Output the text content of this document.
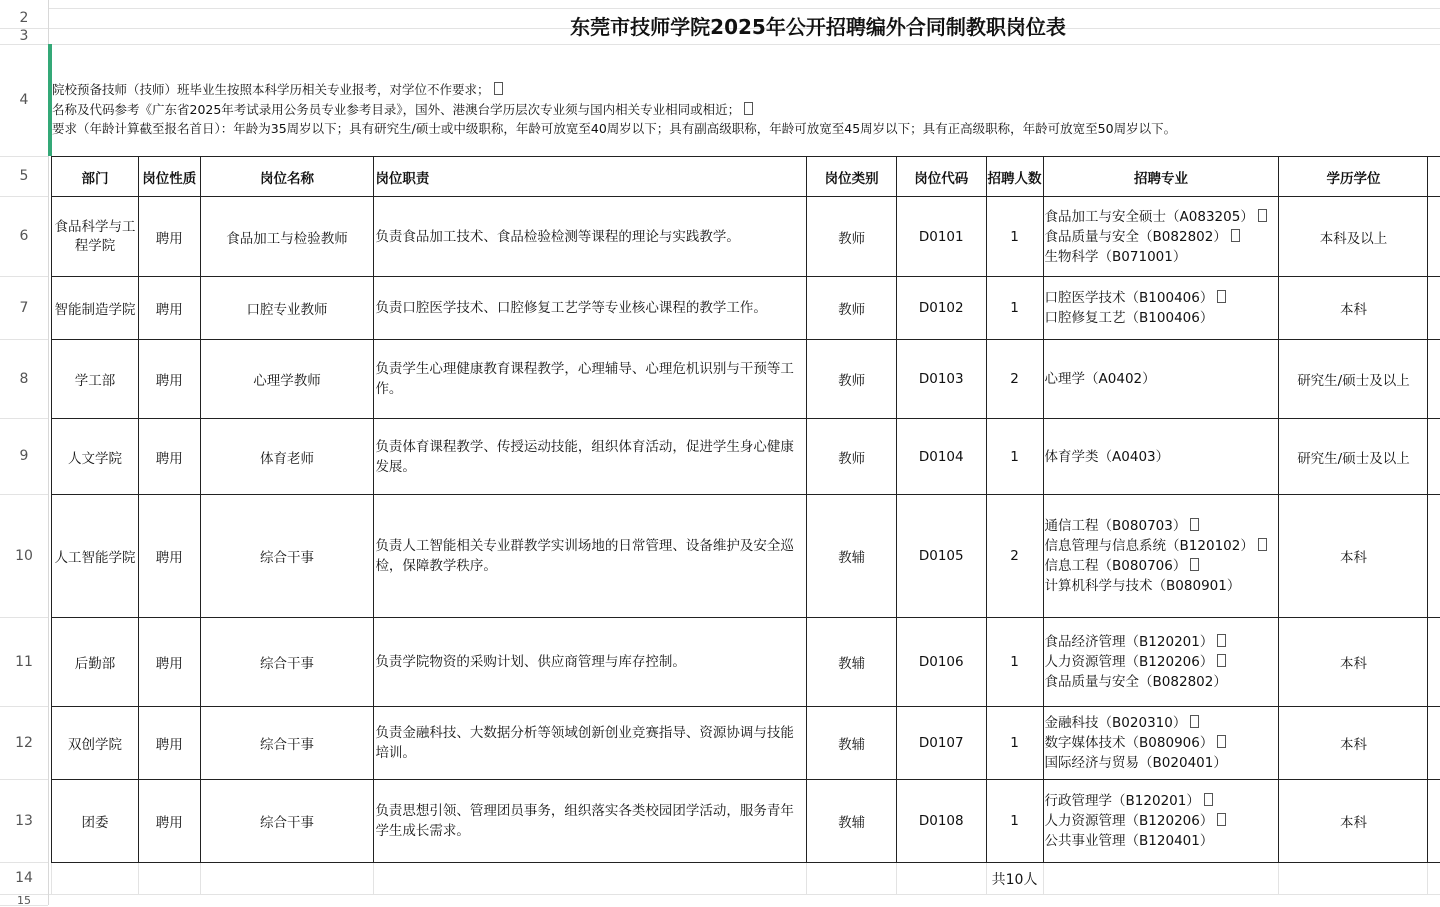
2
3
4
5
6
7
8
9
10
11
12
13
14
15
东莞市技师学院2025年公开招聘编外合同制教职岗位表
院校预备技师（技师）班毕业生按照本科学历相关专业报考，对学位不作要求；
名称及代码参考《广东省2025年考试录用公务员专业参考目录》，国外、港澳台学历层次专业须与国内相关专业相同或相近；
要求（年龄计算截至报名首日）：年龄为35周岁以下；具有研究生/硕士或中级职称，年龄可放宽至40周岁以下；具有副高级职称，年龄可放宽至45周岁以下；具有正高级职称，年龄可放宽至50周岁以下。
部门	岗位性质	岗位名称	岗位职责	岗位类别	岗位代码	招聘人数	招聘专业	学历学位	
食品科学与工程学院	聘用	食品加工与检验教师	负责食品加工技术、食品检验检测等课程的理论与实践教学。	教师	D0101	1	食品加工与安全硕士（A083205）
食品质量与安全（B082802）
生物科学（B071001）	本科及以上	
智能制造学院	聘用	口腔专业教师	负责口腔医学技术、口腔修复工艺学等专业核心课程的教学工作。	教师	D0102	1	口腔医学技术（B100406）
口腔修复工艺（B100406）	本科	
学工部	聘用	心理学教师	负责学生心理健康教育课程教学，心理辅导、心理危机识别与干预等工作。	教师	D0103	2	心理学（A0402）	研究生/硕士及以上	
人文学院	聘用	体育老师	负责体育课程教学、传授运动技能，组织体育活动，促进学生身心健康发展。	教师	D0104	1	体育学类（A0403）	研究生/硕士及以上	
人工智能学院	聘用	综合干事	负责人工智能相关专业群教学实训场地的日常管理、设备维护及安全巡检，保障教学秩序。	教辅	D0105	2	通信工程（B080703）
信息管理与信息系统（B120102）
信息工程（B080706）
计算机科学与技术（B080901）	本科	
后勤部	聘用	综合干事	负责学院物资的采购计划、供应商管理与库存控制。	教辅	D0106	1	食品经济管理（B120201）
人力资源管理（B120206）
食品质量与安全（B082802）	本科	
双创学院	聘用	综合干事	负责金融科技、大数据分析等领域创新创业竞赛指导、资源协调与技能培训。	教辅	D0107	1	金融科技（B020310）
数字媒体技术（B080906）
国际经济与贸易（B020401）	本科	
团委	聘用	综合干事	负责思想引领、管理团员事务，组织落实各类校园团学活动，服务青年学生成长需求。	教辅	D0108	1	行政管理学（B120201）
人力资源管理（B120206）
公共事业管理（B120401）	本科	
						共10人			
